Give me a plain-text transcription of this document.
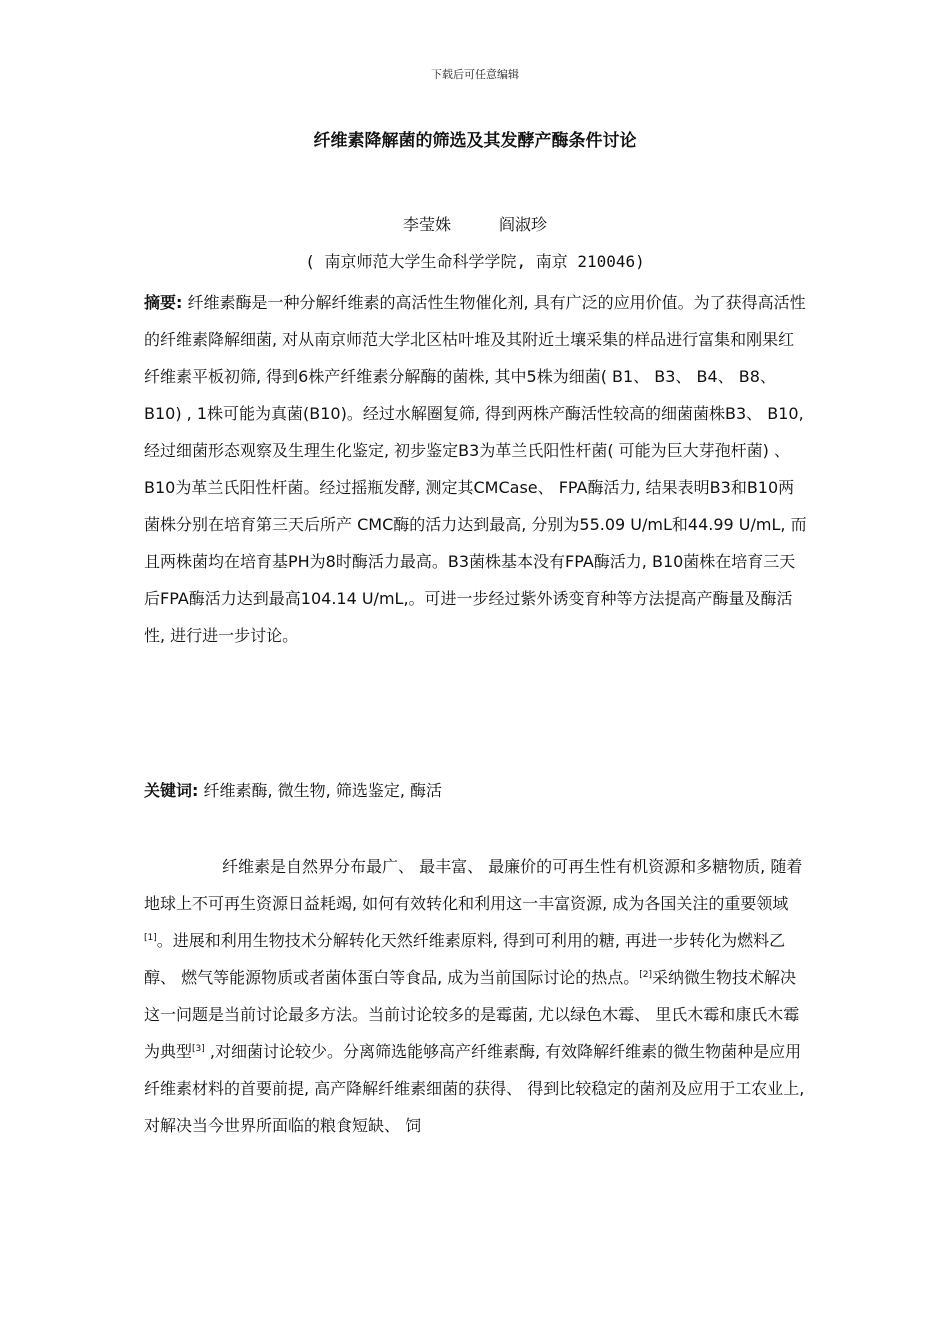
下载后可任意编辑
纤维素降解菌的筛选及其发酵产酶条件讨论
李莹姝	阎淑珍
( 南京师范大学生命科学学院, 南京 210046)

摘要: 纤维素酶是一种分解纤维素的高活性生物催化剂, 具有广泛的应用价值。为了获得高活性的纤维素降解细菌, 对从南京师范大学北区枯叶堆及其附近土壤采集的样品进行富集和刚果红纤维素平板初筛, 得到6株产纤维素分解酶的菌株, 其中5株为细菌( B1、 B3、 B4、 B8、 B10) , 1株可能为真菌(B10)。经过水解圈复筛, 得到两株产酶活性较高的细菌菌株B3、 B10, 经过细菌形态观察及生理生化鉴定, 初步鉴定B3为革兰氏阳性杆菌( 可能为巨大芽孢杆菌) 、 B10为革兰氏阳性杆菌。经过摇瓶发酵, 测定其CMCase、 FPA酶活力, 结果表明B3和B10两菌株分别在培育第三天后所产 CMC酶的活力达到最高, 分别为55.09 U/mL和44.99 U/mL, 而且两株菌均在培育基PH为8时酶活力最高。B3菌株基本没有FPA酶活力, B10菌株在培育三天后FPA酶活力达到最高104.14 U/mL,。可进一步经过紫外诱变育种等方法提高产酶量及酶活性, 进行进一步讨论。

关键词: 纤维素酶, 微生物, 筛选鉴定, 酶活

纤维素是自然界分布最广、 最丰富、 最廉价的可再生性有机资源和多糖物质, 随着地球上不可再生资源日益耗竭, 如何有效转化和利用这一丰富资源, 成为各国关注的重要领域[1]。进展和利用生物技术分解转化天然纤维素原料, 得到可利用的糖, 再进一步转化为燃料乙醇、 燃气等能源物质或者菌体蛋白等食品, 成为当前国际讨论的热点。[2]采纳微生物技术解决这一问题是当前讨论最多方法。当前讨论较多的是霉菌, 尤以绿色木霉、 里氏木霉和康氏木霉为典型[3] ,对细菌讨论较少。分离筛选能够高产纤维素酶, 有效降解纤维素的微生物菌种是应用纤维素材料的首要前提, 高产降解纤维素细菌的获得、 得到比较稳定的菌剂及应用于工农业上, 对解决当今世界所面临的粮食短缺、 饲
